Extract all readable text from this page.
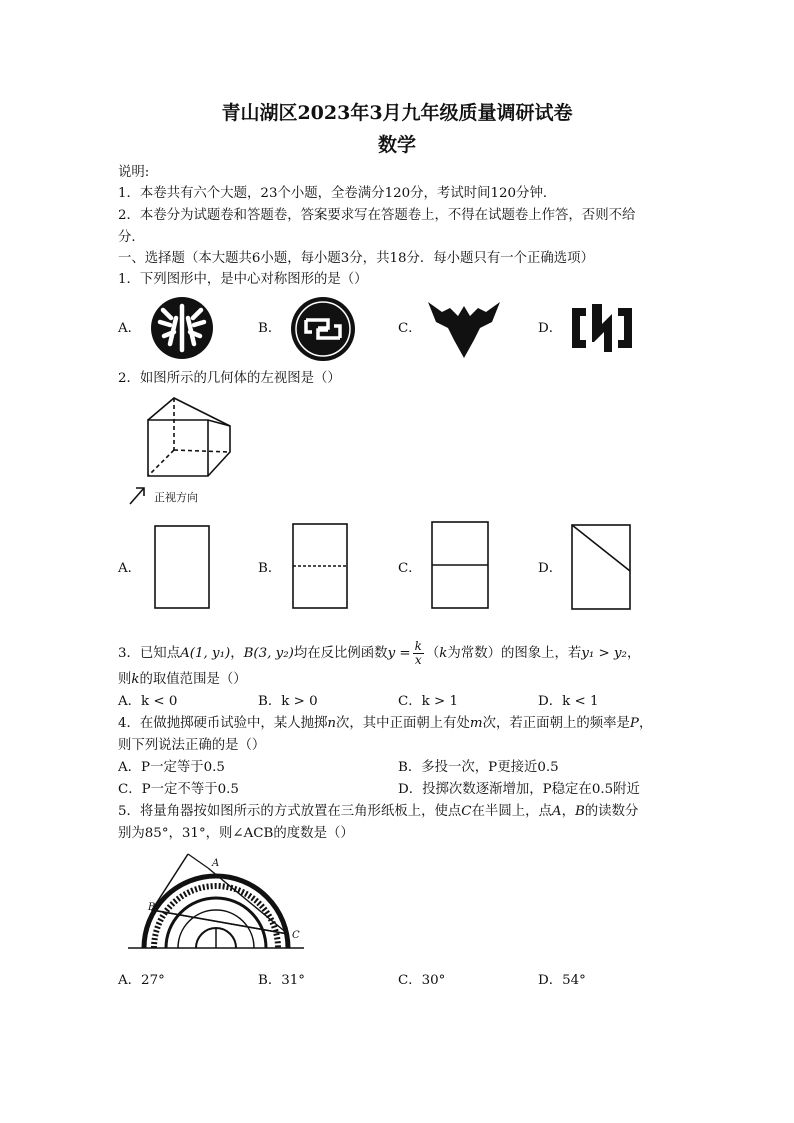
青山湖区2023年3月九年级质量调研试卷
数学
说明:
1．本卷共有六个大题，23个小题，全卷满分120分，考试时间120分钟．
2．本卷分为试题卷和答题卷，答案要求写在答题卷上，不得在试题卷上作答，否则不给
分．
一、选择题（本大题共6小题，每小题3分，共18分．每小题只有一个正确选项）
1．下列图形中，是中心对称图形的是（）
A．	B．	C．	D．
2．如图所示的几何体的左视图是（）
正视方向
A．	B．	C．	D．
3．已知点A(1, y₁)，B(3, y₂)均在反比例函数$y = \frac{k}{x} (k$为常数）的图象上，若y₁ > y₂，
则k的取值范围是（）
A．k < 0	B．k > 0	C．k > 1	D．k < 1
4．在做抛掷硬币试验中，某人抛掷n次，其中正面朝上有处m次，若正面朝上的频率是P，
则下列说法正确的是（）
A．P一定等于0.5	B．多投一次，P更接近0.5
C．P一定不等于0.5	D．投掷次数逐渐增加，P稳定在0.5附近
5．将量角器按如图所示的方式放置在三角形纸板上，使点C在半圆上，点A，B的读数分
别为85°，31°，则∠ACB的度数是（）
A
B
C
A．27°	B．31°	C．30°	D．54°
